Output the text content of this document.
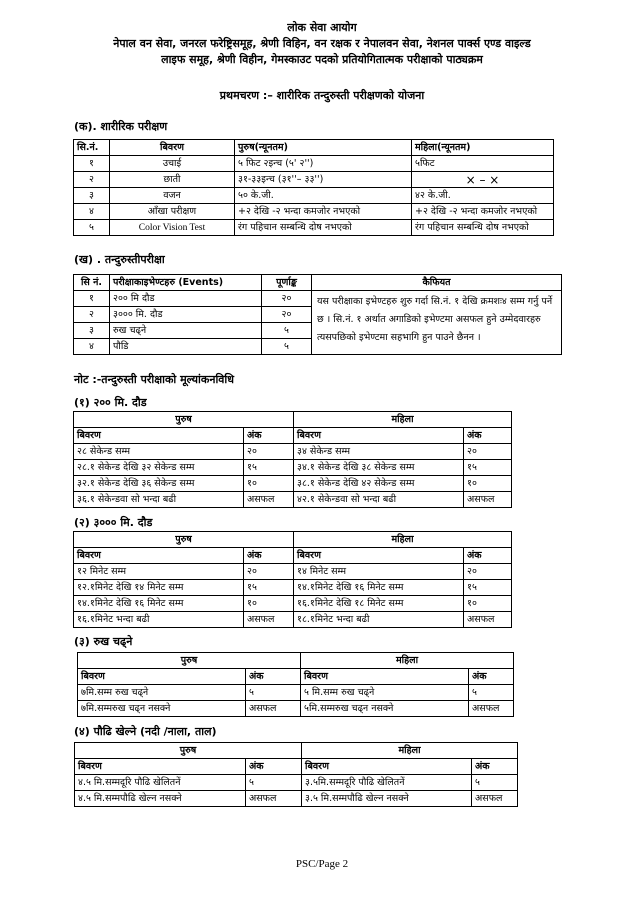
लोक सेवा आयोग
नेपाल वन सेवा, जनरल फरेष्ट्रिसमूह, श्रेणी विहिन, वन रक्षक र नेपालवन सेवा, नेशनल पार्क्स एण्ड वाइल्ड
लाइफ समूह, श्रेणी विहीन, गेमस्काउट पदको प्रतियोगितात्मक परीक्षाको पाठ्यक्रम
प्रथमचरण :– शारीरिक तन्दुरुस्ती परीक्षणको योजना
(क). शारीरिक परीक्षण
सि.नं.	बिवरण	पुरुष(न्यूनतम)	महिला(न्यूनतम)
१	उचाई	५ फिट २इन्च (५' २'')	५फिट
२	छाती	३१-३३इन्च (३१''– ३३'')	× – ×
३	वजन	५० के.जी.	४२ के.जी.
४	आँखा परीक्षण	+२ देखि -२ भन्दा कमजोर नभएको	+२ देखि -२ भन्दा कमजोर नभएको
५	Color Vision Test	रंग पहिचान सम्बन्धि दोष नभएको	रंग पहिचान सम्बन्धि दोष नभएको
(ख) . तन्दुरुस्तीपरीक्षा
सि नं.	परीक्षाकाइभेण्टहरु (Events)	पूर्णाङ्क	कैफियत
१	२०० मि दौड	२०	यस परीक्षाका इभेण्टहरु शुरु गर्दा सि.नं. १ देखि क्रमशः४ सम्म गर्नु पर्ने छ । सि.नं. १ अर्थात अगाडिको इभेण्टमा असफल हुने उम्मेदवारहरु त्यसपछिको इभेण्टमा सहभागि हुन पाउने छैनन ।
२	३००० मि. दौड	२०	
३	रुख चढ्ने	५	
४	पौडि	५	
नोट :-तन्दुरुस्ती परीक्षाको मूल्यांकनविधि
(१) २०० मि. दौड
पुरुष		महिला	
बिवरण	अंक	बिवरण	अंक
२८ सेकेन्ड सम्म	२०	३४ सेकेन्ड सम्म	२०
२८.१ सेकेन्ड देखि ३२ सेकेन्ड सम्म	१५	३४.१ सेकेन्ड देखि ३८ सेकेन्ड सम्म	१५
३२.१ सेकेन्ड देखि ३६ सेकेन्ड सम्म	१०	३८.१ सेकेन्ड देखि ४२ सेकेन्ड सम्म	१०
३६.१ सेकेन्डवा सो भन्दा बढी	असफल	४२.१ सेकेन्डवा सो भन्दा बढी	असफल
(२) ३००० मि. दौड
पुरुष		महिला	
बिवरण	अंक	बिवरण	अंक
१२ मिनेट सम्म	२०	१४ मिनेट सम्म	२०
१२.१मिनेट देखि १४ मिनेट सम्म	१५	१४.१मिनेट देखि १६ मिनेट सम्म	१५
१४.१मिनेट देखि १६ मिनेट सम्म	१०	१६.१मिनेट देखि १८ मिनेट सम्म	१०
१६.१मिनेट भन्दा बढी	असफल	१८.१मिनेट भन्दा बढी	असफल
(३) रुख चढ्ने
पुरुष		महिला	
बिवरण	अंक	बिवरण	अंक
७मि.सम्म रुख चढ्ने	५	५ मि.सम्म रुख चढ्ने	५
७मि.सम्मरुख चढ्न नसक्ने	असफल	५मि.सम्मरुख चढ्न नसक्ने	असफल
(४) पौढि खेल्ने (नदी /नाला, ताल)
पुरुष		महिला	
बिवरण	अंक	बिवरण	अंक
४.५ मि.सम्मदूरि पौढि खेलितनें	५	३.५मि.सम्मदूरि पौढि खेलितनें	५
४.५ मि.सम्मपौढि खेल्न नसक्ने	असफल	३.५ मि.सम्मपौढि खेल्न नसक्ने	असफल
PSC/Page 2
